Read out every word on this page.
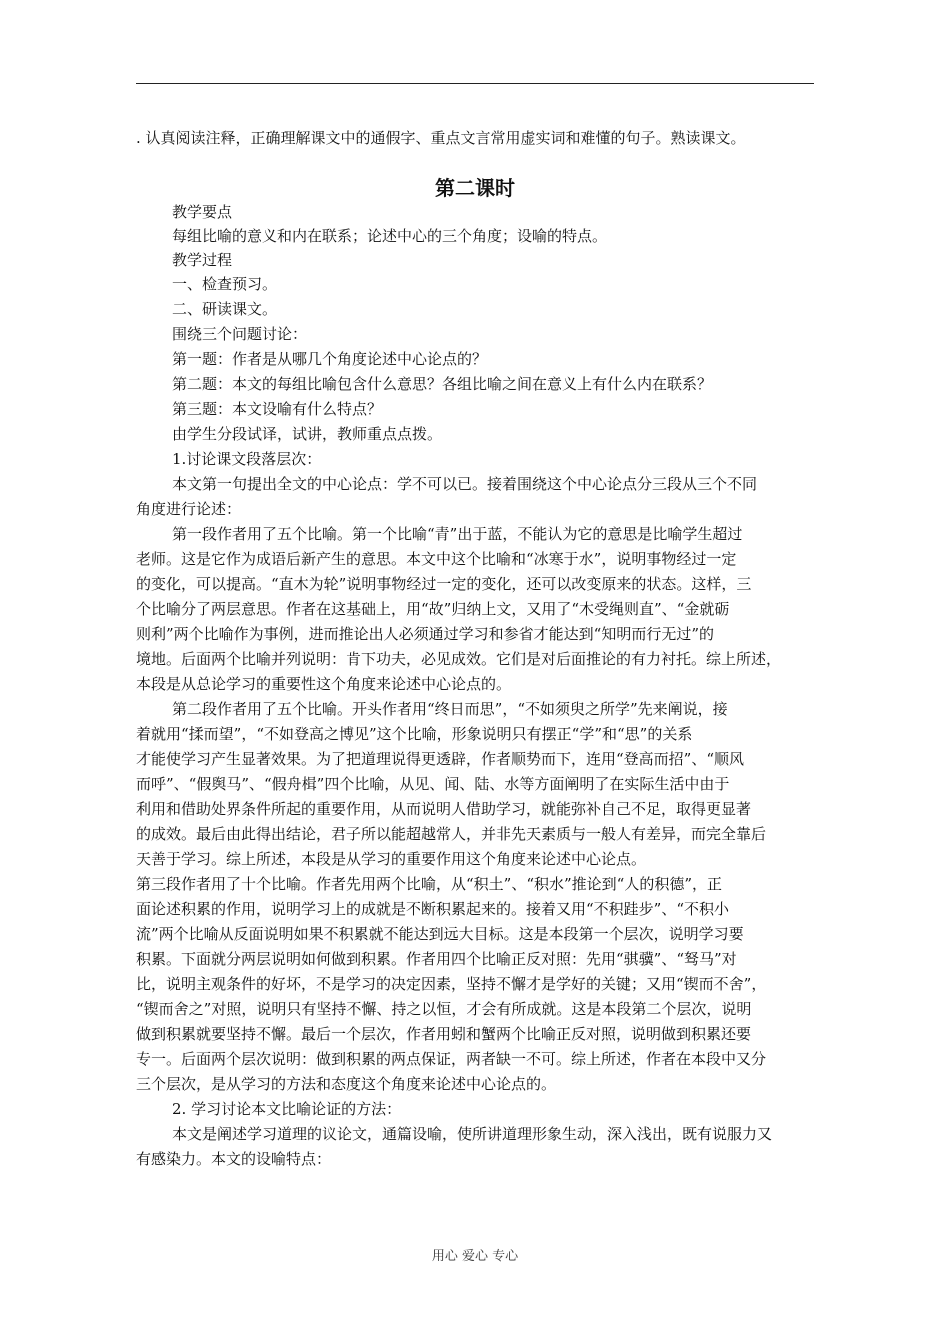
. 认真阅读注释，正确理解课文中的通假字、重点文言常用虚实词和难懂的句子。熟读课文。
第二课时
教学要点
每组比喻的意义和内在联系；论述中心的三个角度；设喻的特点。
教学过程
一、检查预习。
二、研读课文。
围绕三个问题讨论：
第一题：作者是从哪几个角度论述中心论点的？
第二题：本文的每组比喻包含什么意思？各组比喻之间在意义上有什么内在联系？
第三题：本文设喻有什么特点？
由学生分段试译，试讲，教师重点点拨。
1.讨论课文段落层次：
本文第一句提出全文的中心论点：学不可以已。接着围绕这个中心论点分三段从三个不同
角度进行论述：
第一段作者用了五个比喻。第一个比喻“青”出于蓝，不能认为它的意思是比喻学生超过
老师。这是它作为成语后新产生的意思。本文中这个比喻和“冰寒于水”，说明事物经过一定
的变化，可以提高。“直木为轮”说明事物经过一定的变化，还可以改变原来的状态。这样，三
个比喻分了两层意思。作者在这基础上，用“故”归纳上文，又用了“木受绳则直”、“金就砺
则利”两个比喻作为事例，进而推论出人必须通过学习和参省才能达到“知明而行无过”的
境地。后面两个比喻并列说明：肯下功夫，必见成效。它们是对后面推论的有力衬托。综上所述，
本段是从总论学习的重要性这个角度来论述中心论点的。
第二段作者用了五个比喻。开头作者用“终日而思”，“不如须臾之所学”先来阐说，接
着就用“揉而望”，“不如登高之博见”这个比喻，形象说明只有摆正“学”和“思”的关系
才能使学习产生显著效果。为了把道理说得更透辟，作者顺势而下，连用“登高而招”、“顺风
而呼”、“假舆马”、“假舟楫”四个比喻，从见、闻、陆、水等方面阐明了在实际生活中由于
利用和借助处界条件所起的重要作用，从而说明人借助学习，就能弥补自己不足，取得更显著
的成效。最后由此得出结论，君子所以能超越常人，并非先天素质与一般人有差异，而完全靠后
天善于学习。综上所述，本段是从学习的重要作用这个角度来论述中心论点。
第三段作者用了十个比喻。作者先用两个比喻，从“积土”、“积水”推论到“人的积德”，正
面论述积累的作用，说明学习上的成就是不断积累起来的。接着又用“不积跬步”、“不积小
流”两个比喻从反面说明如果不积累就不能达到远大目标。这是本段第一个层次，说明学习要
积累。下面就分两层说明如何做到积累。作者用四个比喻正反对照：先用“骐骥”、“驽马”对
比，说明主观条件的好坏，不是学习的决定因素，坚持不懈才是学好的关键；又用“锲而不舍”，
“锲而舍之”对照，说明只有坚持不懈、持之以恒，才会有所成就。这是本段第二个层次，说明
做到积累就要坚持不懈。最后一个层次，作者用蚓和蟹两个比喻正反对照，说明做到积累还要
专一。后面两个层次说明：做到积累的两点保证，两者缺一不可。综上所述，作者在本段中又分
三个层次，是从学习的方法和态度这个角度来论述中心论点的。
2. 学习讨论本文比喻论证的方法：
本文是阐述学习道理的议论文，通篇设喻，使所讲道理形象生动，深入浅出，既有说服力又
有感染力。本文的设喻特点：
用心 爱心 专心
